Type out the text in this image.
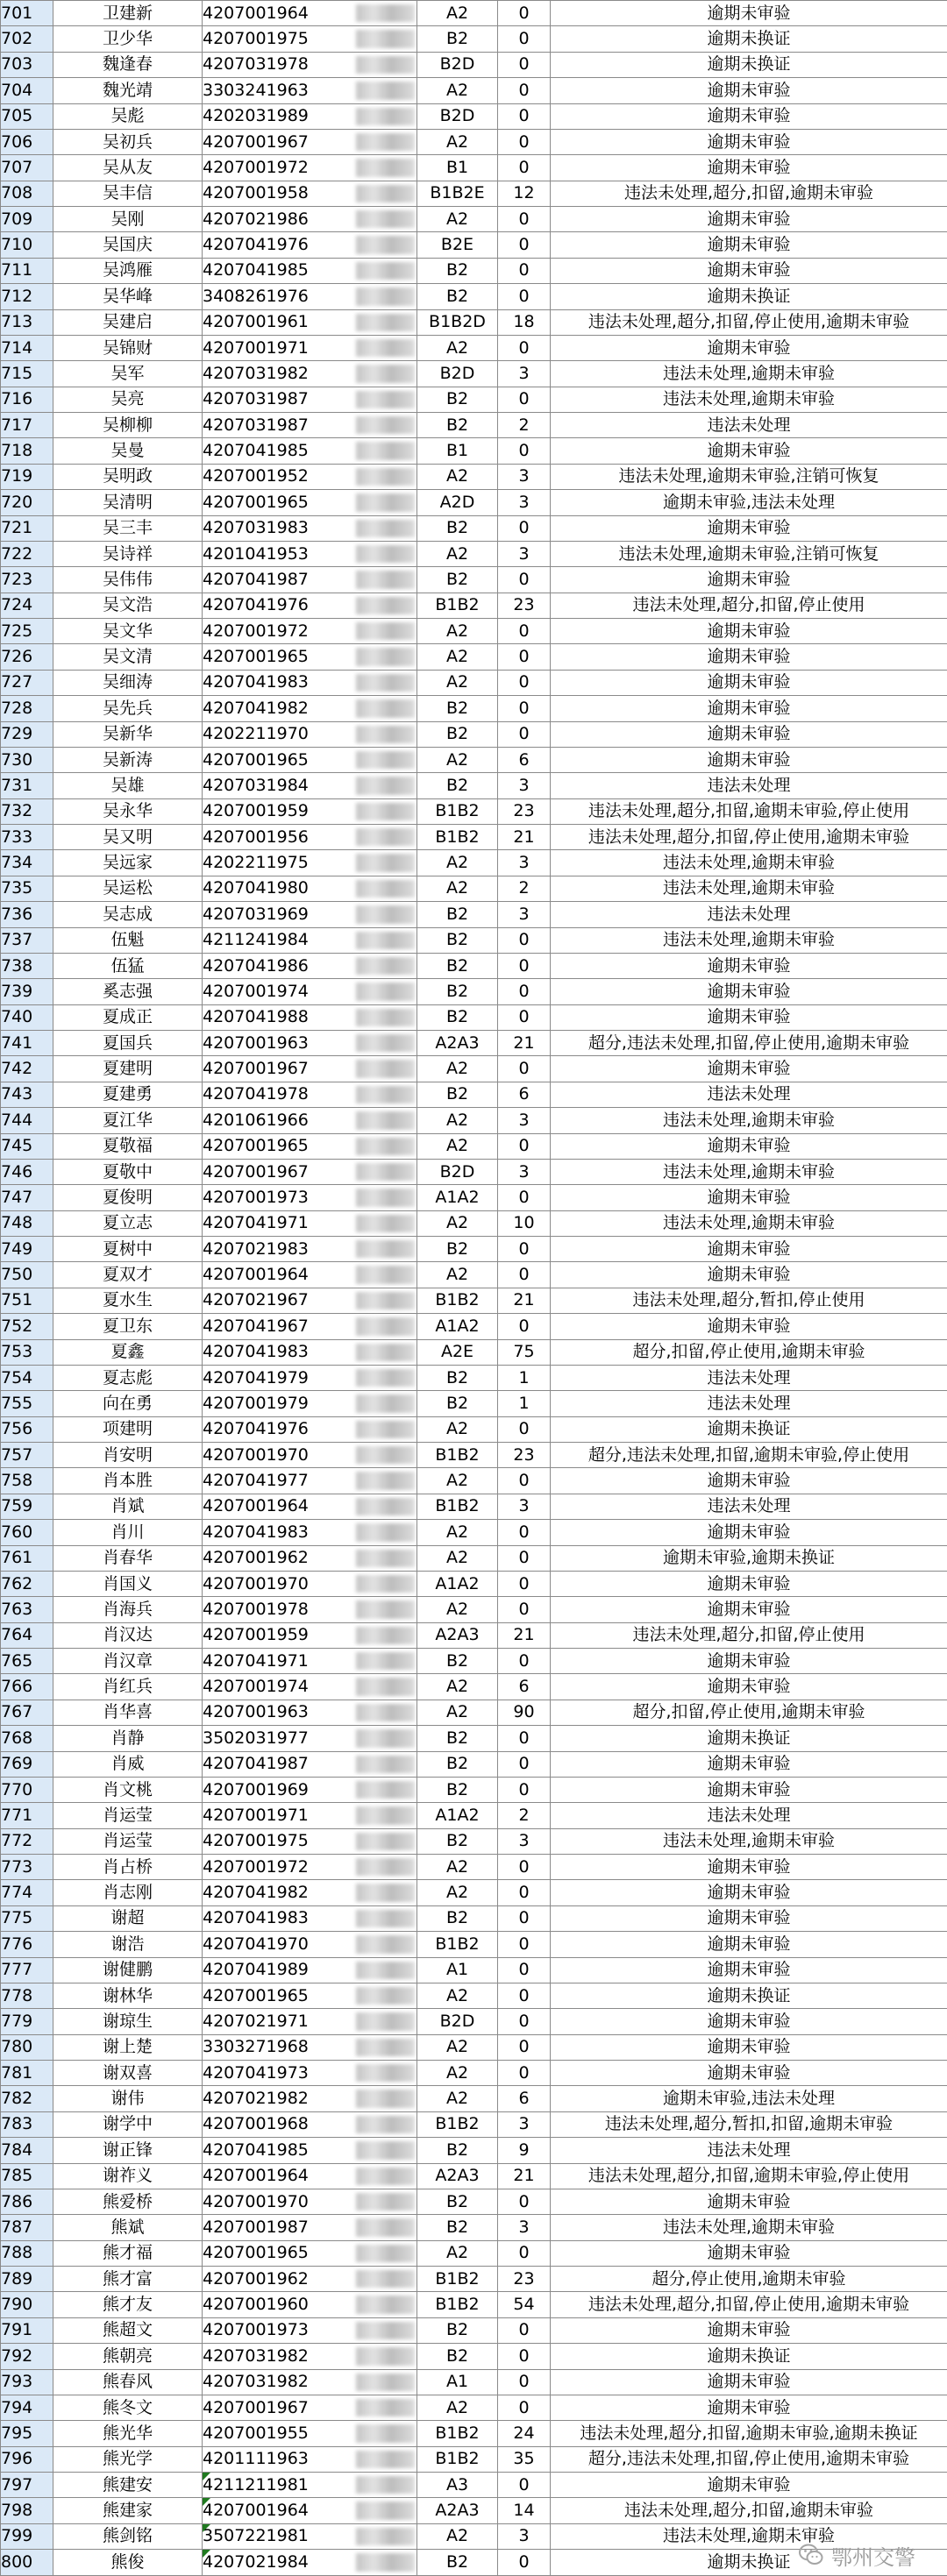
701	卫建新	4207001964	A2	0	逾期未审验
702	卫少华	4207001975	B2	0	逾期未换证
703	魏逢春	4207031978	B2D	0	逾期未换证
704	魏光靖	3303241963	A2	0	逾期未审验
705	吴彪	4202031989	B2D	0	逾期未审验
706	吴初兵	4207001967	A2	0	逾期未审验
707	吴从友	4207001972	B1	0	逾期未审验
708	吴丰信	4207001958	B1B2E	12	违法未处理,超分,扣留,逾期未审验
709	吴刚	4207021986	A2	0	逾期未审验
710	吴国庆	4207041976	B2E	0	逾期未审验
711	吴鸿雁	4207041985	B2	0	逾期未审验
712	吴华峰	3408261976	B2	0	逾期未换证
713	吴建启	4207001961	B1B2D	18	违法未处理,超分,扣留,停止使用,逾期未审验
714	吴锦财	4207001971	A2	0	逾期未审验
715	吴军	4207031982	B2D	3	违法未处理,逾期未审验
716	吴亮	4207031987	B2	0	违法未处理,逾期未审验
717	吴柳柳	4207031987	B2	2	违法未处理
718	吴曼	4207041985	B1	0	逾期未审验
719	吴明政	4207001952	A2	3	违法未处理,逾期未审验,注销可恢复
720	吴清明	4207001965	A2D	3	逾期未审验,违法未处理
721	吴三丰	4207031983	B2	0	逾期未审验
722	吴诗祥	4201041953	A2	3	违法未处理,逾期未审验,注销可恢复
723	吴伟伟	4207041987	B2	0	逾期未审验
724	吴文浩	4207041976	B1B2	23	违法未处理,超分,扣留,停止使用
725	吴文华	4207001972	A2	0	逾期未审验
726	吴文清	4207001965	A2	0	逾期未审验
727	吴细涛	4207041983	A2	0	逾期未审验
728	吴先兵	4207041982	B2	0	逾期未审验
729	吴新华	4202211970	B2	0	逾期未审验
730	吴新涛	4207001965	A2	6	逾期未审验
731	吴雄	4207031984	B2	3	违法未处理
732	吴永华	4207001959	B1B2	23	违法未处理,超分,扣留,逾期未审验,停止使用
733	吴又明	4207001956	B1B2	21	违法未处理,超分,扣留,停止使用,逾期未审验
734	吴远家	4202211975	A2	3	违法未处理,逾期未审验
735	吴运松	4207041980	A2	2	违法未处理,逾期未审验
736	吴志成	4207031969	B2	3	违法未处理
737	伍魁	4211241984	B2	0	违法未处理,逾期未审验
738	伍猛	4207041986	B2	0	逾期未审验
739	奚志强	4207001974	B2	0	逾期未审验
740	夏成正	4207041988	B2	0	逾期未审验
741	夏国兵	4207001963	A2A3	21	超分,违法未处理,扣留,停止使用,逾期未审验
742	夏建明	4207001967	A2	0	逾期未审验
743	夏建勇	4207041978	B2	6	违法未处理
744	夏江华	4201061966	A2	3	违法未处理,逾期未审验
745	夏敬福	4207001965	A2	0	逾期未审验
746	夏敬中	4207001967	B2D	3	违法未处理,逾期未审验
747	夏俊明	4207001973	A1A2	0	逾期未审验
748	夏立志	4207041971	A2	10	违法未处理,逾期未审验
749	夏树中	4207021983	B2	0	逾期未审验
750	夏双才	4207001964	A2	0	逾期未审验
751	夏水生	4207021967	B1B2	21	违法未处理,超分,暂扣,停止使用
752	夏卫东	4207041967	A1A2	0	逾期未审验
753	夏鑫	4207041983	A2E	75	超分,扣留,停止使用,逾期未审验
754	夏志彪	4207041979	B2	1	违法未处理
755	向在勇	4207001979	B2	1	违法未处理
756	项建明	4207041976	A2	0	逾期未换证
757	肖安明	4207001970	B1B2	23	超分,违法未处理,扣留,逾期未审验,停止使用
758	肖本胜	4207041977	A2	0	逾期未审验
759	肖斌	4207001964	B1B2	3	违法未处理
760	肖川	4207041983	A2	0	逾期未审验
761	肖春华	4207001962	A2	0	逾期未审验,逾期未换证
762	肖国义	4207001970	A1A2	0	逾期未审验
763	肖海兵	4207001978	A2	0	逾期未审验
764	肖汉达	4207001959	A2A3	21	违法未处理,超分,扣留,停止使用
765	肖汉章	4207041971	B2	0	逾期未审验
766	肖红兵	4207001974	A2	6	逾期未审验
767	肖华喜	4207001963	A2	90	超分,扣留,停止使用,逾期未审验
768	肖静	3502031977	B2	0	逾期未换证
769	肖威	4207041987	B2	0	逾期未审验
770	肖文桃	4207001969	B2	0	逾期未审验
771	肖运莹	4207001971	A1A2	2	违法未处理
772	肖运莹	4207001975	B2	3	违法未处理,逾期未审验
773	肖占桥	4207001972	A2	0	逾期未审验
774	肖志刚	4207041982	A2	0	逾期未审验
775	谢超	4207041983	B2	0	逾期未审验
776	谢浩	4207041970	B1B2	0	逾期未审验
777	谢健鹏	4207041989	A1	0	逾期未审验
778	谢林华	4207001965	A2	0	逾期未换证
779	谢琼生	4207021971	B2D	0	逾期未审验
780	谢上楚	3303271968	A2	0	逾期未审验
781	谢双喜	4207041973	A2	0	逾期未审验
782	谢伟	4207021982	A2	6	逾期未审验,违法未处理
783	谢学中	4207001968	B1B2	3	违法未处理,超分,暂扣,扣留,逾期未审验
784	谢正锋	4207041985	B2	9	违法未处理
785	谢祚义	4207001964	A2A3	21	违法未处理,超分,扣留,逾期未审验,停止使用
786	熊爱桥	4207001970	B2	0	逾期未审验
787	熊斌	4207001987	B2	3	违法未处理,逾期未审验
788	熊才福	4207001965	A2	0	逾期未审验
789	熊才富	4207001962	B1B2	23	超分,停止使用,逾期未审验
790	熊才友	4207001960	B1B2	54	违法未处理,超分,扣留,停止使用,逾期未审验
791	熊超文	4207001973	B2	0	逾期未审验
792	熊朝亮	4207031982	B2	0	逾期未换证
793	熊春风	4207031982	A1	0	逾期未审验
794	熊冬文	4207001967	A2	0	逾期未审验
795	熊光华	4207001955	B1B2	24	违法未处理,超分,扣留,逾期未审验,逾期未换证
796	熊光学	4201111963	B1B2	35	超分,违法未处理,扣留,停止使用,逾期未审验
797	熊建安	4211211981	A3	0	逾期未审验
798	熊建家	4207001964	A2A3	14	违法未处理,超分,扣留,逾期未审验
799	熊剑铭	3507221981	A2	3	违法未处理,逾期未审验
800	熊俊	4207021984	B2	0	逾期未换证 鄂州交警
